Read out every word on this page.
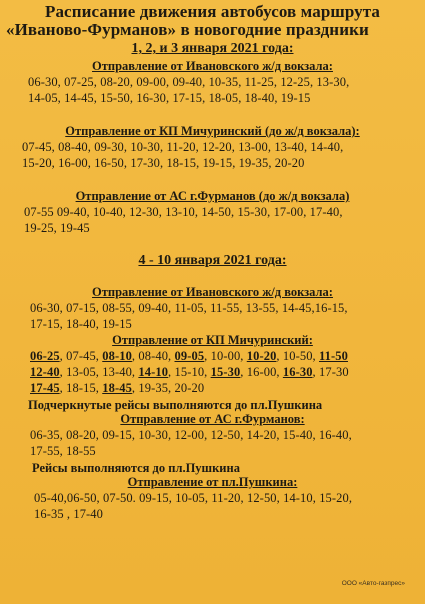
Расписание движения автобусов маршрута
«Иваново-Фурманов» в новогодние праздники
1, 2, и 3 января 2021 года:
Отправление от Ивановского ж/д вокзала:
06-30, 07-25, 08-20, 09-00, 09-40, 10-35, 11-25, 12-25, 13-30,
14-05, 14-45, 15-50, 16-30, 17-15, 18-05, 18-40, 19-15
Отправление от КП Мичуринский (до ж/д вокзала):
07-45, 08-40, 09-30, 10-30, 11-20, 12-20, 13-00, 13-40, 14-40,
15-20, 16-00, 16-50, 17-30, 18-15, 19-15, 19-35, 20-20
Отправление от АС г.Фурманов (до ж/д вокзала)
07-55 09-40, 10-40, 12-30, 13-10, 14-50, 15-30, 17-00, 17-40,
19-25, 19-45
4 - 10 января 2021 года:
Отправление от Ивановского ж/д вокзала:
06-30, 07-15, 08-55, 09-40, 11-05, 11-55, 13-55, 14-45,16-15,
17-15, 18-40, 19-15
Отправление от КП Мичуринский:
06-25, 07-45, 08-10, 08-40, 09-05, 10-00, 10-20, 10-50, 11-50
12-40, 13-05, 13-40, 14-10, 15-10, 15-30, 16-00, 16-30, 17-30
17-45, 18-15, 18-45, 19-35, 20-20
Подчеркнутые рейсы выполняются до пл.Пушкина
Отправление от АС г.Фурманов:
06-35, 08-20, 09-15, 10-30, 12-00, 12-50, 14-20, 15-40, 16-40,
17-55, 18-55
Рейсы выполняются до пл.Пушкина
Отправление от пл.Пушкина:
05-40,06-50, 07-50. 09-15, 10-05, 11-20, 12-50, 14-10, 15-20,
16-35 , 17-40
ООО «Авто-газпрес»
